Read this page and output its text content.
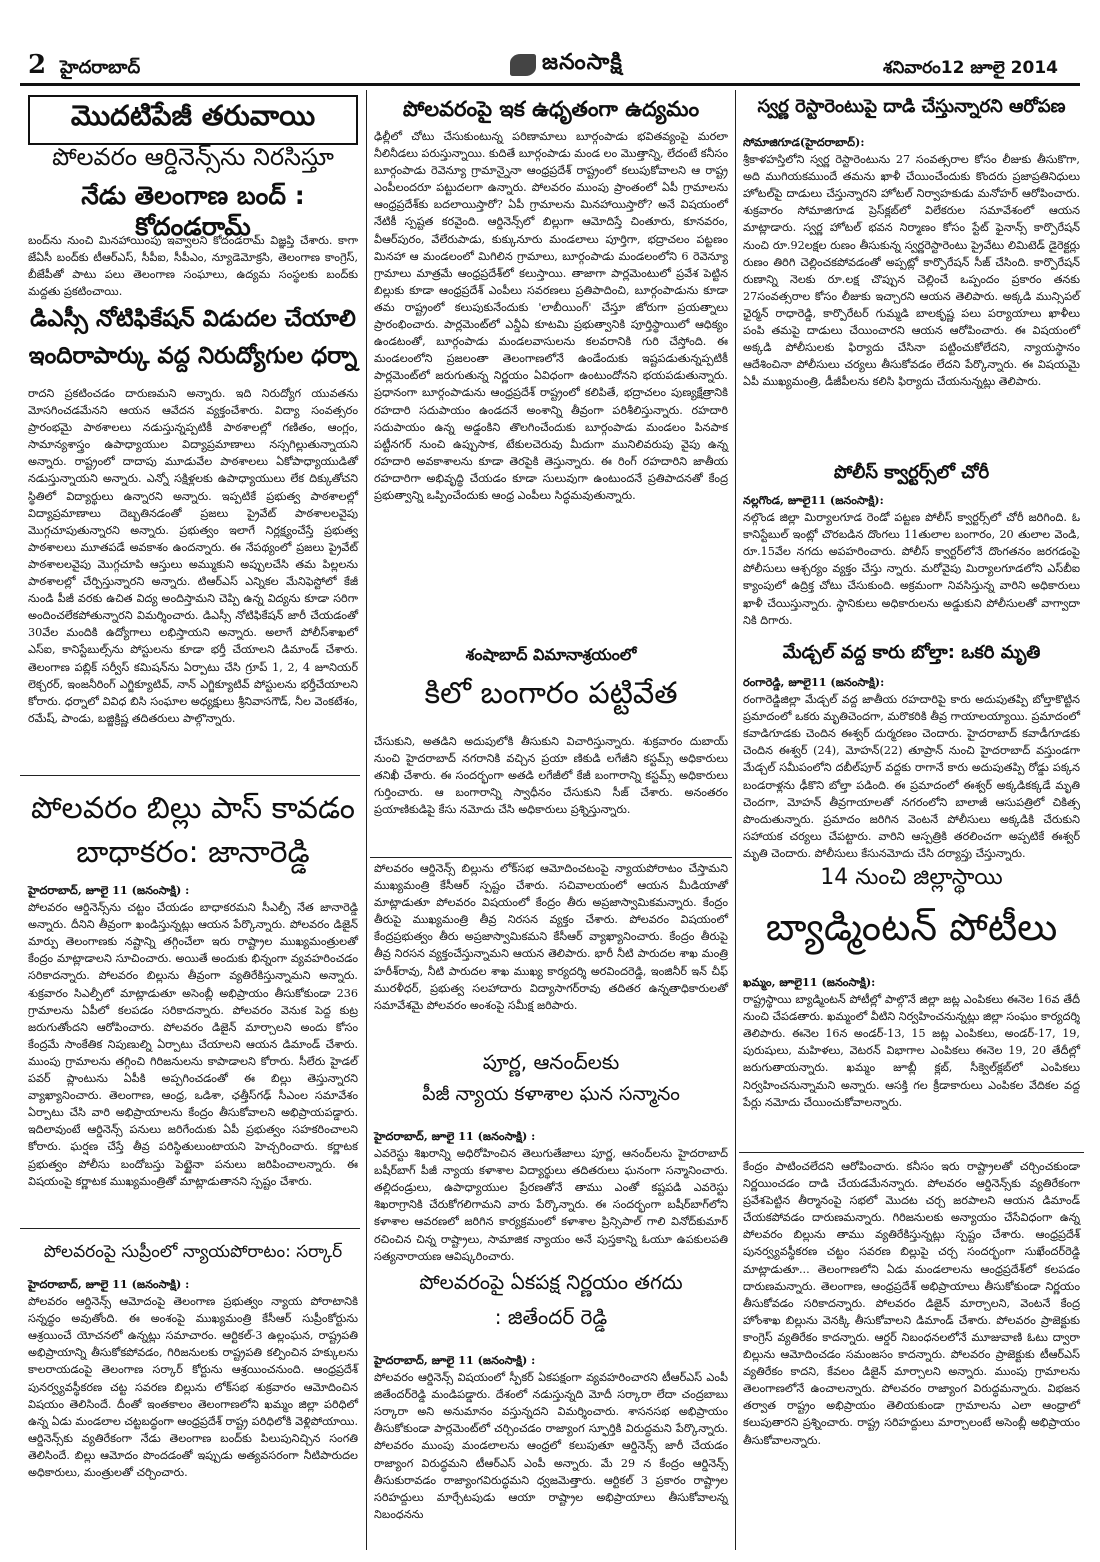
2 హైదరాబాద్	జనంసాక్షి	శనివారం12 జూలై 2014
మొదటిపేజీ తరువాయి
పోలవరం ఆర్డినెన్స్‌ను నిరసిస్తూ
నేడు తెలంగాణ బంద్‌ : కోదండరామ్‌

బంద్‌ను నుంచి మినహాయింపు ఇవ్వాలని కోదండరామ్‌ విజ్ఞప్తి చేశారు. కాగా జేఏసీ బంద్‌కు టీఆర్‌ఎస్‌, సీపీఐ, సీపీఎం, న్యూడెమోక్రసి, తెలంగాణ కాంగ్రెస్‌, బీజేపీతో పాటు పలు తెలంగాణ సంఘాలు, ఉద్యమ సంస్థలకు బంద్‌కు మద్దతు ప్రకటించాయి.

డిఎస్సీ నోటిఫికేషన్‌ విడుదల చేయాలి
ఇందిరాపార్కు వద్ద నిరుద్యోగుల ధర్నా

రాదని ప్రకటించడం దారుణమని అన్నారు. ఇది నిరుద్యోగ యువతను మోసగించడమేనని ఆయన ఆవేదన వ్యక్తంచేశారు. విద్యా సంవత్సరం ప్రారంభమై పాఠశాలలు నడుస్తున్నప్పటికీ పాఠశాలల్లో గణితం, ఆంగ్లం, సామాన్యశాస్త్రం ఉపాధ్యాయుల విద్యాప్రమాణాలు నస్సగిల్లుతున్నాయని అన్నారు. రాష్ట్రంలో దాదాపు మూడువేల పాఠశాలలు ఏకోపాధ్యాయుడితో నడుస్తున్నాయని అన్నారు. ఎన్నో సక్షిళ్లలకు ఉపాధ్యాయులు లేక దిక్కుతోచని స్థితిలో విద్యార్థులు ఉన్నారని అన్నారు. ఇప్పటికే ప్రభుత్వ పాఠశాలల్లో విద్యాప్రమాణాలు దెబ్బతినడంతో ప్రజలు ప్రైవేట్‌ పాఠశాలలవైపు మొగ్గచూపుతున్నారని అన్నారు. ప్రభుత్వం ఇలాగే నిర్లక్ష్యంచేస్తే ప్రభుత్వ పాఠశాలలు మూతపడే అవకాశం ఉందన్నారు. ఈ నేపథ్యంలో ప్రజలు ప్రైవేట్‌ పాఠశాలలవైపు మొగ్గచూపి ఆస్తులు అమ్ముకుని అప్పులచేసి తమ పిల్లలను పాఠశాలల్లో చేర్పిస్తున్నారని అన్నారు. టిఆర్‌ఎస్‌ ఎన్నికల మేనిఫెస్టోలో కేజీ నుండి పీజీ వరకు ఉచిత విద్య అందిస్తామని చెప్పి ఉన్న విద్యను కూడా సరిగా అందించలేకపోతున్నారని విమర్శించారు. డిఎస్సీ నోటిఫికేషన్‌ జారీ చేయడంతో 30వేల మందికి ఉద్యోగాలు లభిస్తాయని అన్నారు. అలాగే పోలీస్‌శాఖలో ఎస్‌ఐ, కానిస్టేబుల్స్‌ను పోస్టులను కూడా భర్తీ చేయాలని డిమాండ్‌ చేశారు. తెలంగాణ పబ్లిక్‌ సర్వీస్‌ కమిషన్‌ను ఏర్పాటు చేసి గ్రూప్‌ 1, 2, 4 జూనియర్‌ లెక్చరర్‌, ఇంజనీరింగ్‌ ఎగ్జిక్యూటివ్‌, నాన్‌ ఎగ్జిక్యూటివ్‌ పోస్టులను భర్తీచేయాలని కోరారు. ధర్నాలో వివిధ బిసి సంఘాల అధ్యక్షులు శ్రీనివాసగౌడ్‌, నీల వెంకటేశం, రమేష్‌, పాండు, బజ్జిక్రిష్ణ తదితరులు పాల్గొన్నారు.

పోలవరం బిల్లు పాస్‌ కావడం
బాధాకరం: జానారెడ్డి

హైదరాబాద్‌, జూలై 11 (జనంసాక్షి) :

పోలవరం ఆర్డినెన్స్‌ను చట్టం చేయడం బాధాకరమని సీఎల్పీ నేత జానారెడ్డి అన్నారు. దీనిని తీవ్రంగా ఖండిస్తున్నట్లు ఆయన పేర్కొన్నారు. పోలవరం డిజైన్‌ మార్పు తెలంగాణకు నష్టాన్ని తగ్గించేలా ఇరు రాష్ట్రాల ముఖ్యమంత్రులతో కేంద్రం మాట్లాడాలని సూచించారు. అయితే అందుకు భిన్నంగా వ్యవహరించడం సరికాదన్నారు. పోలవరం బిల్లును తీవ్రంగా వ్యతిరేకిస్తున్నామని అన్నారు. శుక్రవారం సిఎల్పీలో మాట్లాడుతూ అసెంబ్లీ అభిప్రాయం తీసుకోకుండా 236 గ్రామాలను ఏపీలో కలపడం సరికాదన్నారు. పోలవరం వెనుక పెద్ద కుట్ర జరుగుతోందని ఆరోపించారు. పోలవరం డిజైన్‌ మార్చాలని అందు కోసం కేంద్రమే సాంకేతిక నిపుణుల్ని ఏర్పాటు చేయాలని ఆయన డిమాండ్‌ చేశారు. ముంపు గ్రామాలను తగ్గించి గిరిజనులను కాపాడాలని కోరారు. సీలేరు హైడల్‌ పవర్‌ ప్లాంటును ఏపీకి అప్పగించడంతో ఈ బిల్లు తెస్తున్నారని వ్యాఖ్యానించారు. తెలంగాణ, ఆంధ్ర, ఒడిశా, ఛత్తీస్‌గఢ్‌ సీఎంల సమావేశం ఏర్పాటు చేసి వారి అభిప్రాయాలను కేంద్రం తీసుకోవాలని అభిప్రాయపడ్డారు. ఇదిలావుంటే ఆర్డినెన్స్‌ పనులు జరిగేందుకు ఏపీ ప్రభుత్వం సహకరించాలని కోరారు. ఘర్షణ చేస్తే తీవ్ర పరిస్థితులుంటాయని హెచ్చరించారు. కర్ణాటక ప్రభుత్వం పోలీసు బందోబస్తు పెట్టైనా పనులు జరిపించాలన్నారు. ఈ విషయంపై కర్ణాటక ముఖ్యమంత్రితో మాట్లాడుతానని స్పష్టం చేశారు.

పోలవరంపై సుప్రీంలో న్యాయపోరాటం: సర్కార్‌

హైదరాబాద్‌, జూలై 11 (జనంసాక్షి) :

పోలవరం ఆర్డినెన్స్‌ ఆమోదంపై తెలంగాణ ప్రభుత్వం న్యాయ పోరాటానికి సన్నద్ధం అవుతోంది. ఈ అంశంపై ముఖ్యమంత్రి కేసీఆర్‌ సుప్రీంకోర్టును ఆశ్రయించే యోచనలో ఉన్నట్లు సమాచారం. ఆర్టికల్‌-3 ఉల్లంఘన, రాష్ట్రపతి అభిప్రాయాన్ని తీసుకోకపోవడం, గిరిజనులకు రాష్ట్రపతి కల్పించిన హక్కులను కాలరాయడంపై తెలంగాణ సర్కార్‌ కోర్టును ఆశ్రయించనుంది. ఆంధ్రప్రదేశ్‌ పునర్వ్యవస్థీకరణ చట్ట సవరణ బిల్లును లోక్‌సభ శుక్రవారం ఆమోదించిన విషయం తెలిసిందే. దీంతో ఇంతకాలం తెలంగాణలోని ఖమ్మం జిల్లా పరిధిలో ఉన్న ఏడు మండలాల చట్టబద్ధంగా ఆంధ్రప్రదేశ్‌ రాష్ట్ర పరిధిలోకి వెళ్లిపోయాయి. ఆర్డినెన్స్‌కు వ్యతిరేకంగా నేడు తెలంగాణ బంద్‌కు పిలుపునిచ్చిన సంగతి తెలిసిందే. బిల్లు ఆమోదం పొందడంతో ఇప్పుడు అత్యవసరంగా నీటిపారుదల అధికారులు, మంత్రులతో చర్చించారు.

పోలవరంపై ఇక ఉధృతంగా ఉద్యమం

ఢిల్లీలో చోటు చేసుకుంటున్న పరిణామాలు బూర్గంపాడు భవితవ్యంపై మరలా నీలినీడలు పరుస్తున్నాయి. కుదితే బూర్గంపాడు మండ లం మొత్తాన్ని, లేదంటే కనీసం బూర్గంపాడు రెవెన్యూ గ్రామాన్నైనా ఆంధ్రప్రదేశ్‌ రాష్ట్రంలో కలుపుకోవాలని ఆ రాష్ట్ర ఎంపీలందరూ పట్టుదలగా ఉన్నారు. పోలవరం ముంపు ప్రాంతంలో ఏపీ గ్రామాలను ఆంధ్రప్రదేశ్‌కు బదలాయిస్తారో? ఏపీ గ్రామాలను మినహాయిస్తారో? అనే విషయంలో నేటికీ స్పష్టత కరవైంది. ఆర్డినెన్స్‌లో బిల్లుగా ఆమోదిస్తే చింతూరు, కూనవరం, వీఆర్‌పురం, వేలేరుపాడు, కుక్కునూరు మండలాలు పూర్తిగా, భద్రాచలం పట్టణం మినహా ఆ మండలంలో మిగిలిన గ్రామాలు, బూర్గంపాడు మండలంలోని 6 రెవెన్యూ గ్రామాలు మాత్రమే ఆంధ్రప్రదేశ్‌లో కలుస్తాయి. తాజాగా పార్లమెంటులో ప్రవేశ పెట్టిన బిల్లుకు కూడా ఆంధ్రప్రదేశ్‌ ఎంపీలు సవరణలు ప్రతిపాదించి, బూర్గంపాడును కూడా తమ రాష్ట్రంలో కలుపుకునేందుకు 'లాబీయింగ్‌' చేస్తూ జోరుగా ప్రయత్నాలు ప్రారంభించారు. పార్లమెంట్‌లో ఎన్డీఏ కూటమి ప్రభుత్వానికి పూర్తిస్థాయిలో ఆధిక్యం ఉండటంతో, బూర్గంపాడు మండలవాసులను కలవరానికి గురి చేస్తోంది. ఈ మండలంలోని ప్రజలంతా తెలంగాణలోనే ఉండేందుకు ఇష్టపడుతున్నప్పటికీ పార్లమెంట్‌లో జరుగుతున్న నిర్ణయం ఏవిధంగా ఉంటుందోనని భయపడుతున్నారు. ప్రధానంగా బూర్గంపాడును ఆంధ్రప్రదేశ్‌ రాష్ట్రంలో కలిపితే, భద్రాచలం పుణ్యక్షేత్రానికి రహదారి సదుపాయం ఉండదనే అంశాన్ని తీవ్రంగా పరిశీలిస్తున్నారు. రహదారి సదుపాయం ఉన్న అడ్డంకిని తొలగించేందుకు బూర్గంపాడు మండలం పినపాక పట్టీనగర్‌ నుంచి ఉప్పుసాక, టేకులచెరువు మీదుగా మునిలివరుపు వైపు ఉన్న రహదారి అవకాశాలను కూడా తెరపైకి తెస్తున్నారు. ఈ రింగ్‌ రహదారిని జాతీయ రహదారిగా అభివృద్ధి చేయడం కూడా సులువుగా ఉంటుందనే ప్రతిపాదనతో కేంద్ర ప్రభుత్వాన్ని ఒప్పించేందుకు ఆంధ్ర ఎంపీలు సిద్ధమవుతున్నారు.

శంషాబాద్‌ విమానాశ్రయంలో
కిలో బంగారం పట్టివేత

చేసుకుని, అతడిని అదుపులోకి తీసుకుని విచారిస్తున్నారు. శుక్రవారం దుబాయ్‌ నుంచి హైదరాబాద్‌ నగరానికి వచ్చిన ప్రయా ణికుడి లగేజీని కస్టమ్స్‌ అధికారులు తనిఖీ చేశారు. ఈ సందర్భంగా అతడి లగేజీలో కేజీ బంగారాన్ని కస్టమ్స్‌ అధికారులు గుర్తించారు. ఆ బంగారాన్ని స్వాధీనం చేసుకుని సీజ్‌ చేశారు. అనంతరం ప్రయాణికుడిపై కేసు నమోదు చేసి అధికారులు ప్రశ్నిస్తున్నారు.

పోలవరం ఆర్డినెన్స్‌ బిల్లును లోక్‌సభ ఆమోదించటంపై న్యాయపోరాటం చేస్తామని ముఖ్యమంత్రి కేసీఆర్‌ స్పష్టం చేశారు. సచివాలయంలో ఆయన మీడియాతో మాట్లాడుతూ పోలవరం విషయంలో కేంద్రం తీరు అప్రజాస్వామికమన్నారు. కేంద్రం తీరుపై ముఖ్యమంత్రి తీవ్ర నిరసన వ్యక్తం చేశారు. పోలవరం విషయంలో కేంద్రప్రభుత్వం తీరు అప్రజాస్వామికమని కేసీఆర్‌ వ్యాఖ్యానించారు. కేంద్రం తీరుపై తీవ్ర నిరసన వ్యక్తంచేస్తున్నామని ఆయన తెలిపారు. భారీ నీటి పారుదల శాఖ మంత్రి హరీశ్‌రావు, నీటి పారుదల శాఖ ముఖ్య కార్యదర్శి అరవిందరెడ్డి, ఇంజినీర్‌ ఇన్‌ చీఫ్‌ మురళీధర్‌, ప్రభుత్వ సలహాదారు విద్యాసాగర్‌రావు తదితర ఉన్నతాధికారులతో సమావేశమై పోలవరం అంశంపై సమీక్ష జరిపారు.

పూర్ణ, ఆనంద్‌లకు
పీజీ న్యాయ కళాశాల ఘన సన్మానం

హైదరాబాద్‌, జూలై 11 (జనంసాక్షి) :

ఎవరెస్టు శిఖరాన్ని అధిరోహించిన తెలుగుతేజాలు పూర్ణ, ఆనంద్‌లను హైదరాబాద్‌ బషీర్‌బాగ్‌ పీజీ న్యాయ కళాశాల విద్యార్థులు తదితరులు ఘనంగా సన్మానించారు. తల్లిదండ్రులు, ఉపాధ్యాయుల ప్రేరణతోనే తాము ఎంతో కష్టపడి ఎవరెస్టు శిఖరాగ్రానికి చేరుకోగలిగామని వారు పేర్కొన్నారు. ఈ సందర్భంగా బషీర్‌బాగ్‌లోని కళాశాల ఆవరణలో జరిగిన కార్యక్రమంలో కళాశాల ప్రిన్సిపాల్‌ గాలి వినోద్‌కుమార్‌ రచించిన చిన్న రాష్ట్రాలు, సామాజిక న్యాయం అనే పుస్తకాన్ని ఓయూ ఉపకులపతి సత్యనారాయణ ఆవిష్కరించారు.

పోలవరంపై ఏకపక్ష నిర్ణయం తగదు
: జితేందర్‌ రెడ్డి

హైదరాబాద్‌, జూలై 11 (జనంసాక్షి) :

పోలవరం ఆర్డినెన్స్‌ విషయంలో స్పీకర్‌ ఏకపక్షంగా వ్యవహరించారని టీఆర్‌ఎస్‌ ఎంపీ జితేందర్‌రెడ్డి మండిపడ్డారు. దేశంలో నడుస్తున్నది మోదీ సర్కారా లేదా చంద్రబాబు సర్కారా అని అనుమానం వస్తున్నదని విమర్శించారు. శాసనసభ అభిప్రాయం తీసుకోకుండా పార్లమెంట్‌లో చర్చించడం రాజ్యాంగ స్ఫూర్తికి విరుద్ధమని పేర్కొన్నారు. పోలవరం ముంపు మండలాలను ఆంధ్రలో కలుపుతూ ఆర్డినెన్స్‌ జారీ చేయడం రాజ్యాంగ విరుద్ధమని టీఆర్‌ఎస్‌ ఎంపీ అన్నారు. మే 29 న కేంద్రం ఆర్డినెన్స్‌ తీసుకురావడం రాజ్యాంగవిరుద్ధమని ధ్వజమెత్తారు. ఆర్టికల్‌ 3 ప్రకారం రాష్ట్రాల సరిహద్దులు మార్చేటపుడు ఆయా రాష్ట్రాల అభిప్రాయాలు తీసుకోవాలన్న నిబంధనను

స్వర్ణ రెస్టారెంటుపై దాడి చేస్తున్నారని ఆరోపణ

సోమాజిగూడ(హైదరాబాద్‌):

శ్రీకాళహస్తిలోని స్వర్ణ రెస్టారెంటును 27 సంవత్సరాల కోసం లీజుకు తీసుకొగా, అది ముగియకముందే తమను ఖాళీ చేయించేందుకు కొందరు ప్రజాప్రతినిధులు హోటల్‌పై దాడులు చేస్తున్నారని హోటల్‌ నిర్వాహకుడు మనోహర్‌ ఆరోపించారు. శుక్రవారం సోమాజిగూడ ప్రెస్‌క్లబ్‌లో విలేకరుల సమావేశంలో ఆయన మాట్లాడారు. స్వర్ణ హోటల్‌ భవన నిర్మాణం కోసం స్టేట్‌ ఫైనాన్స్‌ కార్పొరేషన్‌ నుంచి రూ.92లక్షల రుణం తీసుకున్న స్వర్ణరెస్టారెంటు ప్రైవేటు లిమిటెడ్‌ డైరెక్టర్లు రుణం తిరిగి చెల్లించకపోవడంతో అప్పట్లో కార్పొరేషన్‌ సీజ్‌ చేసింది. కార్పొరేషన్‌ రుణాన్ని నెలకు రూ.లక్ష చొప్పున చెల్లించే ఒప్పందం ప్రకారం తనకు 27సంవత్సరాల కోసం లీజుకు ఇచ్చారని ఆయన తెలిపారు. అక్కడి మున్సిపల్‌ ఛైర్మన్‌ రాధారెడ్డి, కార్పొరేటర్‌ గుమ్మడి బాలకృష్ణ పలు పర్యాయాలు ఖాళీలు పంపి తమపై దాడులు చేయించారని ఆయన ఆరోపించారు. ఈ విషయంలో అక్కడి పోలీసులకు ఫిర్యాదు చేసినా పట్టించుకోలేదని, న్యాయస్థానం ఆదేశించినా పోలీసులు చర్యలు తీసుకోవడం లేదని పేర్కొన్నారు. ఈ విషయమై ఏపీ ముఖ్యమంత్రి, డీజీపీలను కలిసి ఫిర్యాదు చేయనున్నట్లు తెలిపారు.

పోలీస్‌ క్వార్టర్స్‌లో చోరీ

నల్లగొండ, జూలై11 (జనంసాక్షి):

నల్గొండ జిల్లా మిర్యాలగూడ రెండో పట్టణ పోలీస్‌ క్వార్టర్స్‌లో చోరీ జరిగింది. ఓ కానిస్టేబుల్‌ ఇంట్లో చొరబడిన దొంగలు 11తులాల బంగారం, 20 తులాల వెండి, రూ.15వేల నగదు అపహరించారు. పోలీస్‌ క్వార్టర్‌లోనే దొంగతనం జరగడంపై పోలీసులు ఆశ్చర్యం వ్యక్తం చేస్తు న్నారు. మరోవైపు మిర్యాలగూడలోని ఎస్‌బీఐ క్యాంపులో ఉద్రిక్త చోటు చేసుకుంది. అక్రమంగా నివసిస్తున్న వారిని అధికారులు ఖాళీ చేయిస్తున్నారు. స్థానికులు అధికారులను అడ్డుకుని పోలీసులతో వాగ్వాదా నికి దిగారు.

మేడ్చల్‌ వద్ద కారు బోల్తా: ఒకరి మృతి

రంగారెడ్డి, జూలై11 (జనంసాక్షి):

రంగారెడ్డిజిల్లా మేడ్చల్‌ వద్ద జాతీయ రహదారిపై కారు అదుపుతప్పి బోల్తాకొట్టిన ప్రమాదంలో ఒకరు మృతిచెందగా, మరొకరికి తీవ్ర గాయాలయ్యాయి. ప్రమాదంలో కవాడిగూడకు చెందిన ఈశ్వర్‌ దుర్మరణం చెందారు. హైదరాబాద్‌ కవాడీగూడకు చెందిన ఈశ్వర్‌ (24), మోహన్‌(22) తూప్రాన్‌ నుంచి హైదరాబాద్‌ వస్తుండగా మేడ్చల్‌ సమీపంలోని దబీల్‌పూర్‌ వద్దకు రాగానే కారు అదుపుతప్పి రోడ్డు పక్కన బండరాళ్లను ఢీకొని బోల్తా పడింది. ఈ ప్రమాదంలో ఈశ్వర్‌ అక్కడికక్కడే మృతి చెందగా, మోహన్‌ తీవ్రగాయాలతో నగరంలోని బాలాజీ ఆసుపత్రిలో చికిత్స పొందుతున్నారు. ప్రమాదం జరిగిన వెంటనే పోలీసులు అక్కడికి చేరుకుని సహాయక చర్యలు చేపట్టారు. వారిని ఆస్పత్రికి తరలించగా అప్పటికే ఈశ్వర్‌ మృతి చెందారు. పోలీసులు కేసునమోదు చేసి దర్యాప్తు చేస్తున్నారు.

14 నుంచి జిల్లాస్థాయి
బ్యాడ్మింటన్‌ పోటీలు

ఖమ్మం, జూలై11 (జనంసాక్షి):

రాష్ట్రస్థాయి బ్యాడ్మింటన్‌ పోటీల్లో పాల్గొనే జిల్లా జట్ల ఎంపికలు ఈనెల 16వ తేదీ నుంచి చేపడతారు. ఖమ్మంలో వీటిని నిర్వహించనున్నట్లు జిల్లా సంఘం కార్యదర్శి తెలిపారు. ఈనెల 16న అండర్‌-13, 15 జట్ల ఎంపికలు, అండర్‌-17, 19, పురుషులు, మహిళలు, వెటరన్‌ విభాగాల ఎంపికలు ఈనెల 19, 20 తేదీల్లో జరుగుతాయన్నారు. ఖమ్మం జూబ్లీ క్లబ్‌, సీక్వెల్‌క్లబ్‌లో ఎంపికలు నిర్వహించనున్నామని అన్నారు. ఆసక్తి గల క్రీడాకారులు ఎంపికల వేదికల వద్ద పేర్లు నమోదు చేయించుకోవాలన్నారు.

కేంద్రం పాటించలేదని ఆరోపించారు. కనీసం ఇరు రాష్ట్రాలతో చర్చించకుండా నిర్ణయించడం దాడి చేయడమేనన్నారు. పోలవరం ఆర్డినెన్స్‌కు వ్యతిరేకంగా ప్రవేశపెట్టిన తీర్మానంపై సభలో మొదట చర్చ జరపాలని ఆయన డిమాండ్‌ చేయకపోవడం దారుణమన్నారు. గిరిజనులకు అన్యాయం చేసేవిధంగా ఉన్న పోలవరం బిల్లును తాము వ్యతిరేకిస్తున్నట్లు స్పష్టం చేశారు. ఆంధ్రప్రదేశ్‌ పునర్వ్యవస్థీకరణ చట్టం సవరణ బిల్లుపై చర్చ సందర్భంగా సుఖేందర్‌రెడ్డి మాట్లాడుతూ... తెలంగాణలోని ఏడు మండలాలను ఆంధ్రప్రదేశ్‌లో కలపడం దారుణమన్నారు. తెలంగాణ, ఆంధ్రప్రదేశ్‌ అభిప్రాయాలు తీసుకోకుండా నిర్ణయం తీసుకోవడం సరికాదన్నారు. పోలవరం డిజైన్‌ మార్చాలని, వెంటనే కేంద్ర హోంశాఖ బిల్లును వెనక్కి తీసుకోవాలని డిమాండ్‌ చేశారు. పోలవరం ప్రాజెక్టుకు కాంగ్రెస్‌ వ్యతిరేకం కాదన్నారు. ఆర్డర్‌ నిబంధనలలోనే మూజువాణి ఓటు ద్వారా బిల్లును ఆమోదించడం సమంజసం కాదన్నారు. పోలవరం ప్రాజెక్టుకు టీఆర్‌ఎస్‌ వ్యతిరేకం కాదని, కేవలం డిజైన్‌ మార్చాలని అన్నారు. ముంపు గ్రామాలను తెలంగాణలోనే ఉంచాలన్నారు. పోలవరం రాజ్యాంగ విరుద్ధమన్నారు. విభజన తర్వాత రాష్ట్రం అభిప్రాయం తెలియకుండా గ్రామాలను ఎలా ఆంధ్రాలో కలుపుతారని ప్రశ్నించారు. రాష్ట్ర సరిహద్దులు మార్చాలంటే అసెంబ్లీ అభిప్రాయం తీసుకోవాలన్నారు.
